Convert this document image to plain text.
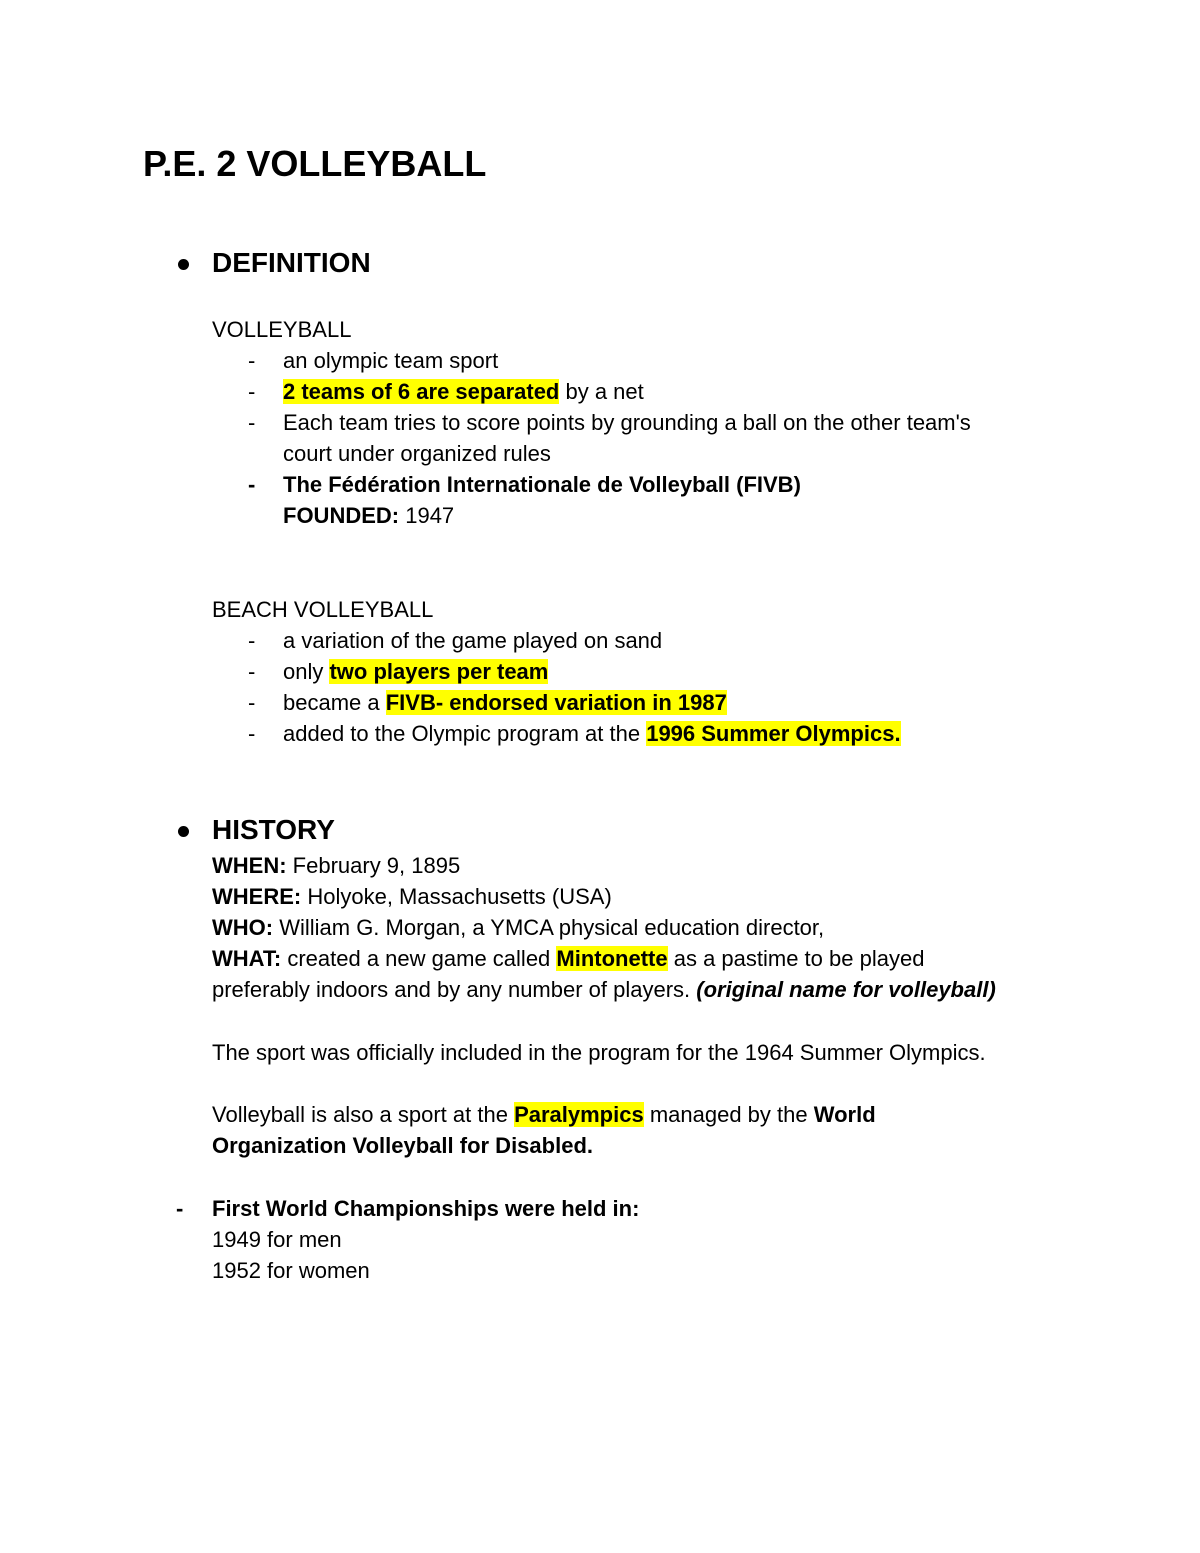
P.E. 2 VOLLEYBALL
DEFINITION
VOLLEYBALL
- an olympic team sport
- 2 teams of 6 are separated by a net
- Each team tries to score points by grounding a ball on the other team's
court under organized rules
- The Fédération Internationale de Volleyball (FIVB)
FOUNDED: 1947
BEACH VOLLEYBALL
- a variation of the game played on sand
- only two players per team
- became a FIVB- endorsed variation in 1987
- added to the Olympic program at the 1996 Summer Olympics.
HISTORY
WHEN: February 9, 1895
WHERE: Holyoke, Massachusetts (USA)
WHO: William G. Morgan, a YMCA physical education director,
WHAT: created a new game called Mintonette as a pastime to be played
preferably indoors and by any number of players. (original name for volleyball)
The sport was officially included in the program for the 1964 Summer Olympics.
Volleyball is also a sport at the Paralympics managed by the World
Organization Volleyball for Disabled.
- First World Championships were held in:
1949 for men
1952 for women
